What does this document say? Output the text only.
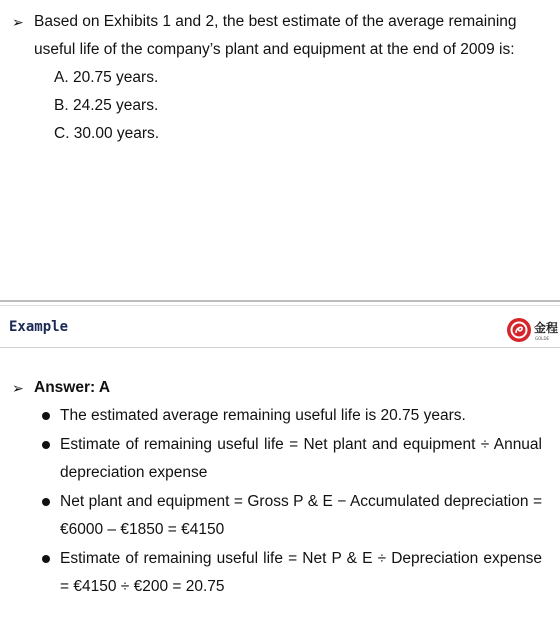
➢ Based on Exhibits 1 and 2, the best estimate of the average remaining useful life of the company’s plant and equipment at the end of 2009 is:
A. 20.75 years.
B. 24.25 years.
C. 30.00 years.
Example	金程
GOLDE
➢ Answer: A
The estimated average remaining useful life is 20.75 years.
Estimate of remaining useful life = Net plant and equipment ÷ Annual depreciation expense
Net plant and equipment = Gross P & E − Accumulated depreciation = €6000 – €1850 = €4150
Estimate of remaining useful life = Net P & E ÷ Depreciation expense = €4150 ÷ €200 = 20.75
